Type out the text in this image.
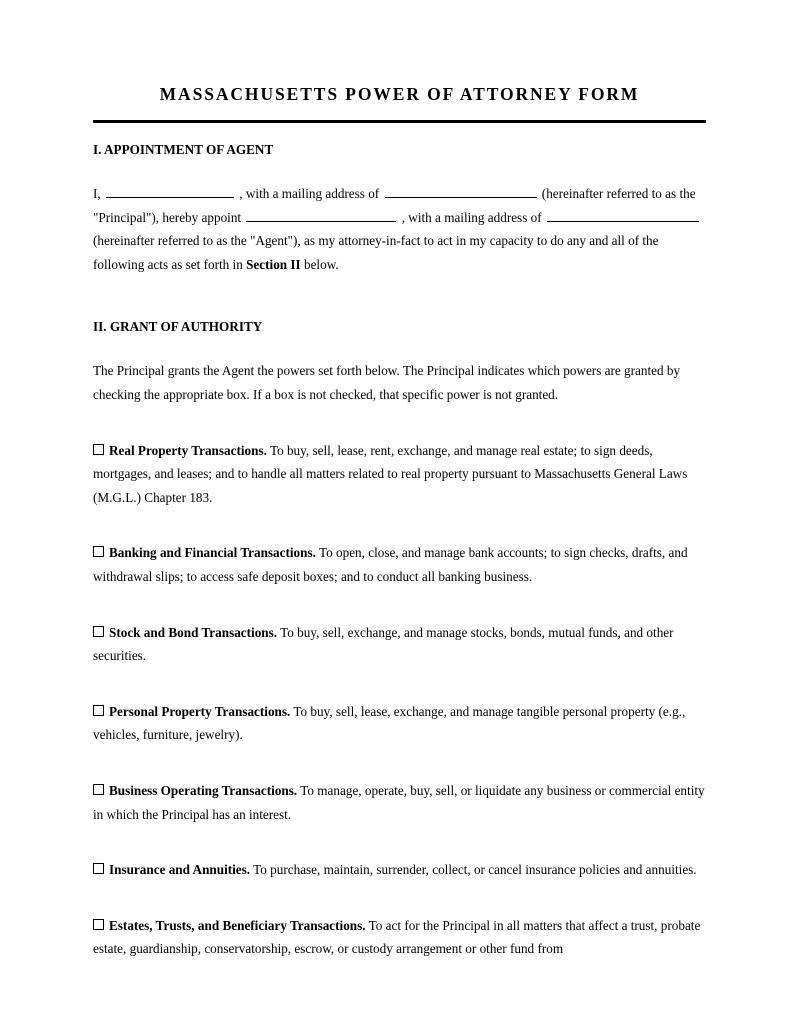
MASSACHUSETTS POWER OF ATTORNEY FORM
I. APPOINTMENT OF AGENT

I,	, with a mailing address of	(hereinafter referred to as the "Principal"), hereby appoint	, with a mailing address of  (hereinafter referred to as the "Agent"), as my attorney-in-fact to act in my capacity to do any and all of the following acts as set forth in Section II below.

II. GRANT OF AUTHORITY

The Principal grants the Agent the powers set forth below. The Principal indicates which powers are granted by checking the appropriate box. If a box is not checked, that specific power is not granted.

Real Property Transactions. To buy, sell, lease, rent, exchange, and manage real estate; to sign deeds, mortgages, and leases; and to handle all matters related to real property pursuant to Massachusetts General Laws (M.G.L.) Chapter 183.

Banking and Financial Transactions. To open, close, and manage bank accounts; to sign checks, drafts, and withdrawal slips; to access safe deposit boxes; and to conduct all banking business.

Stock and Bond Transactions. To buy, sell, exchange, and manage stocks, bonds, mutual funds, and other securities.

Personal Property Transactions. To buy, sell, lease, exchange, and manage tangible personal property (e.g., vehicles, furniture, jewelry).

Business Operating Transactions. To manage, operate, buy, sell, or liquidate any business or commercial entity in which the Principal has an interest.

Insurance and Annuities. To purchase, maintain, surrender, collect, or cancel insurance policies and annuities.

Estates, Trusts, and Beneficiary Transactions. To act for the Principal in all matters that affect a trust, probate estate, guardianship, conservatorship, escrow, or custody arrangement or other fund from
